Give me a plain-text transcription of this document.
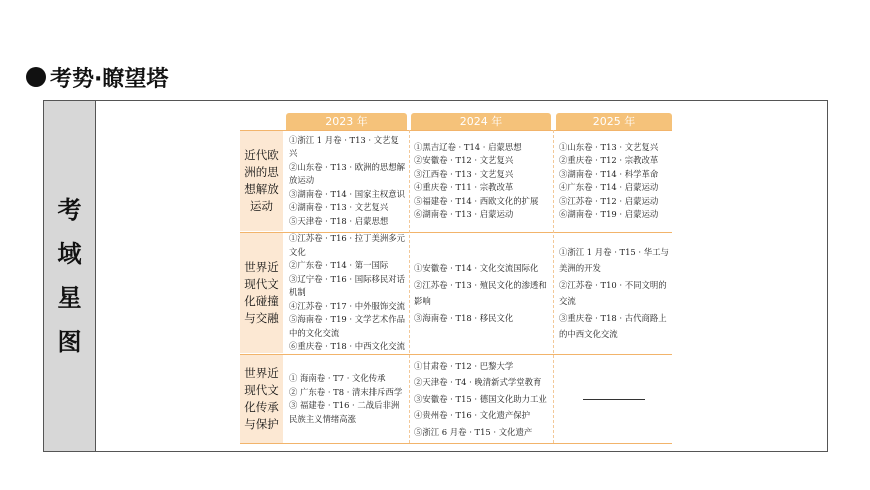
考势·瞭望塔
考
域
星
图
2023 年	2024 年	2025 年
近代欧洲的思想解放运动
①浙江 1 月卷 · T13 · 文艺复兴
②山东卷 · T13 · 欧洲的思想解放运动
③湖南卷 · T14 · 国家主权意识
④湖南卷 · T13 · 文艺复兴
⑤天津卷 · T18 · 启蒙思想
①黑吉辽卷 · T14 · 启蒙思想
②安徽卷 · T12 · 文艺复兴
③江西卷 · T13 · 文艺复兴
④重庆卷 · T11 · 宗教改革
⑤福建卷 · T14 · 西欧文化的扩展
⑥湖南卷 · T13 · 启蒙运动
①山东卷 · T13 · 文艺复兴
②重庆卷 · T12 · 宗教改革
③湖南卷 · T14 · 科学革命
④广东卷 · T14 · 启蒙运动
⑤江苏卷 · T12 · 启蒙运动
⑥湖南卷 · T19 · 启蒙运动
世界近现代文化碰撞与交融
①江苏卷 · T16 · 拉丁美洲多元文化
②广东卷 · T14 · 第一国际
③辽宁卷 · T16 · 国际移民对话机制
④江苏卷 · T17 · 中外服饰交流
⑤海南卷 · T19 · 文学艺术作品中的文化交流
⑥重庆卷 · T18 · 中西文化交流
①安徽卷 · T14 · 文化交流国际化
②江苏卷 · T13 · 殖民文化的渗透和影响
③海南卷 · T18 · 移民文化
①浙江 1 月卷 · T15 · 华工与美洲的开发
②江苏卷 · T10 · 不同文明的交流
③重庆卷 · T18 · 古代商路上的中西文化交流
世界近现代文化传承与保护
① 海南卷 · T7 · 文化传承
② 广东卷 · T8 · 清末排斥西学
③ 福建卷 · T16 · 二战后非洲民族主义情绪高涨
①甘肃卷 · T12 · 巴黎大学
②天津卷 · T4 · 晚清新式学堂教育
③安徽卷 · T15 · 德国文化助力工业
④贵州卷 · T16 · 文化遗产保护
⑤浙江 6 月卷 · T15 · 文化遗产
